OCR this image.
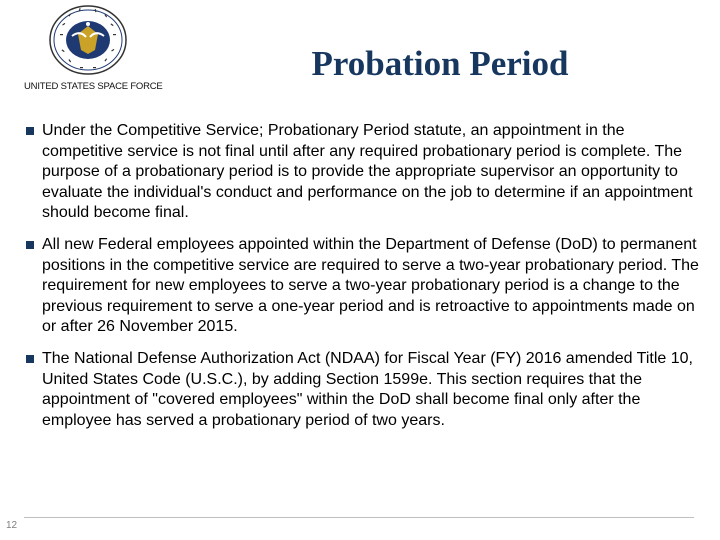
UNITED STATES SPACE FORCE
Probation Period
Under the Competitive Service; Probationary Period statute, an appointment in the competitive service is not final until after any required probationary period is complete. The purpose of a probationary period is to provide the appropriate supervisor an opportunity to evaluate the individual's conduct and performance on the job to determine if an appointment should become final.
All new Federal employees appointed within the Department of Defense (DoD) to permanent positions in the competitive service are required to serve a two-year probationary period. The requirement for new employees to serve a two-year probationary period is a change to the previous requirement to serve a one-year period and is retroactive to appointments made on or after 26 November 2015.
The National Defense Authorization Act (NDAA) for Fiscal Year (FY) 2016 amended Title 10, United States Code (U.S.C.), by adding Section 1599e. This section requires that the appointment of "covered employees" within the DoD shall become final only after the employee has served a probationary period of two years.
12
